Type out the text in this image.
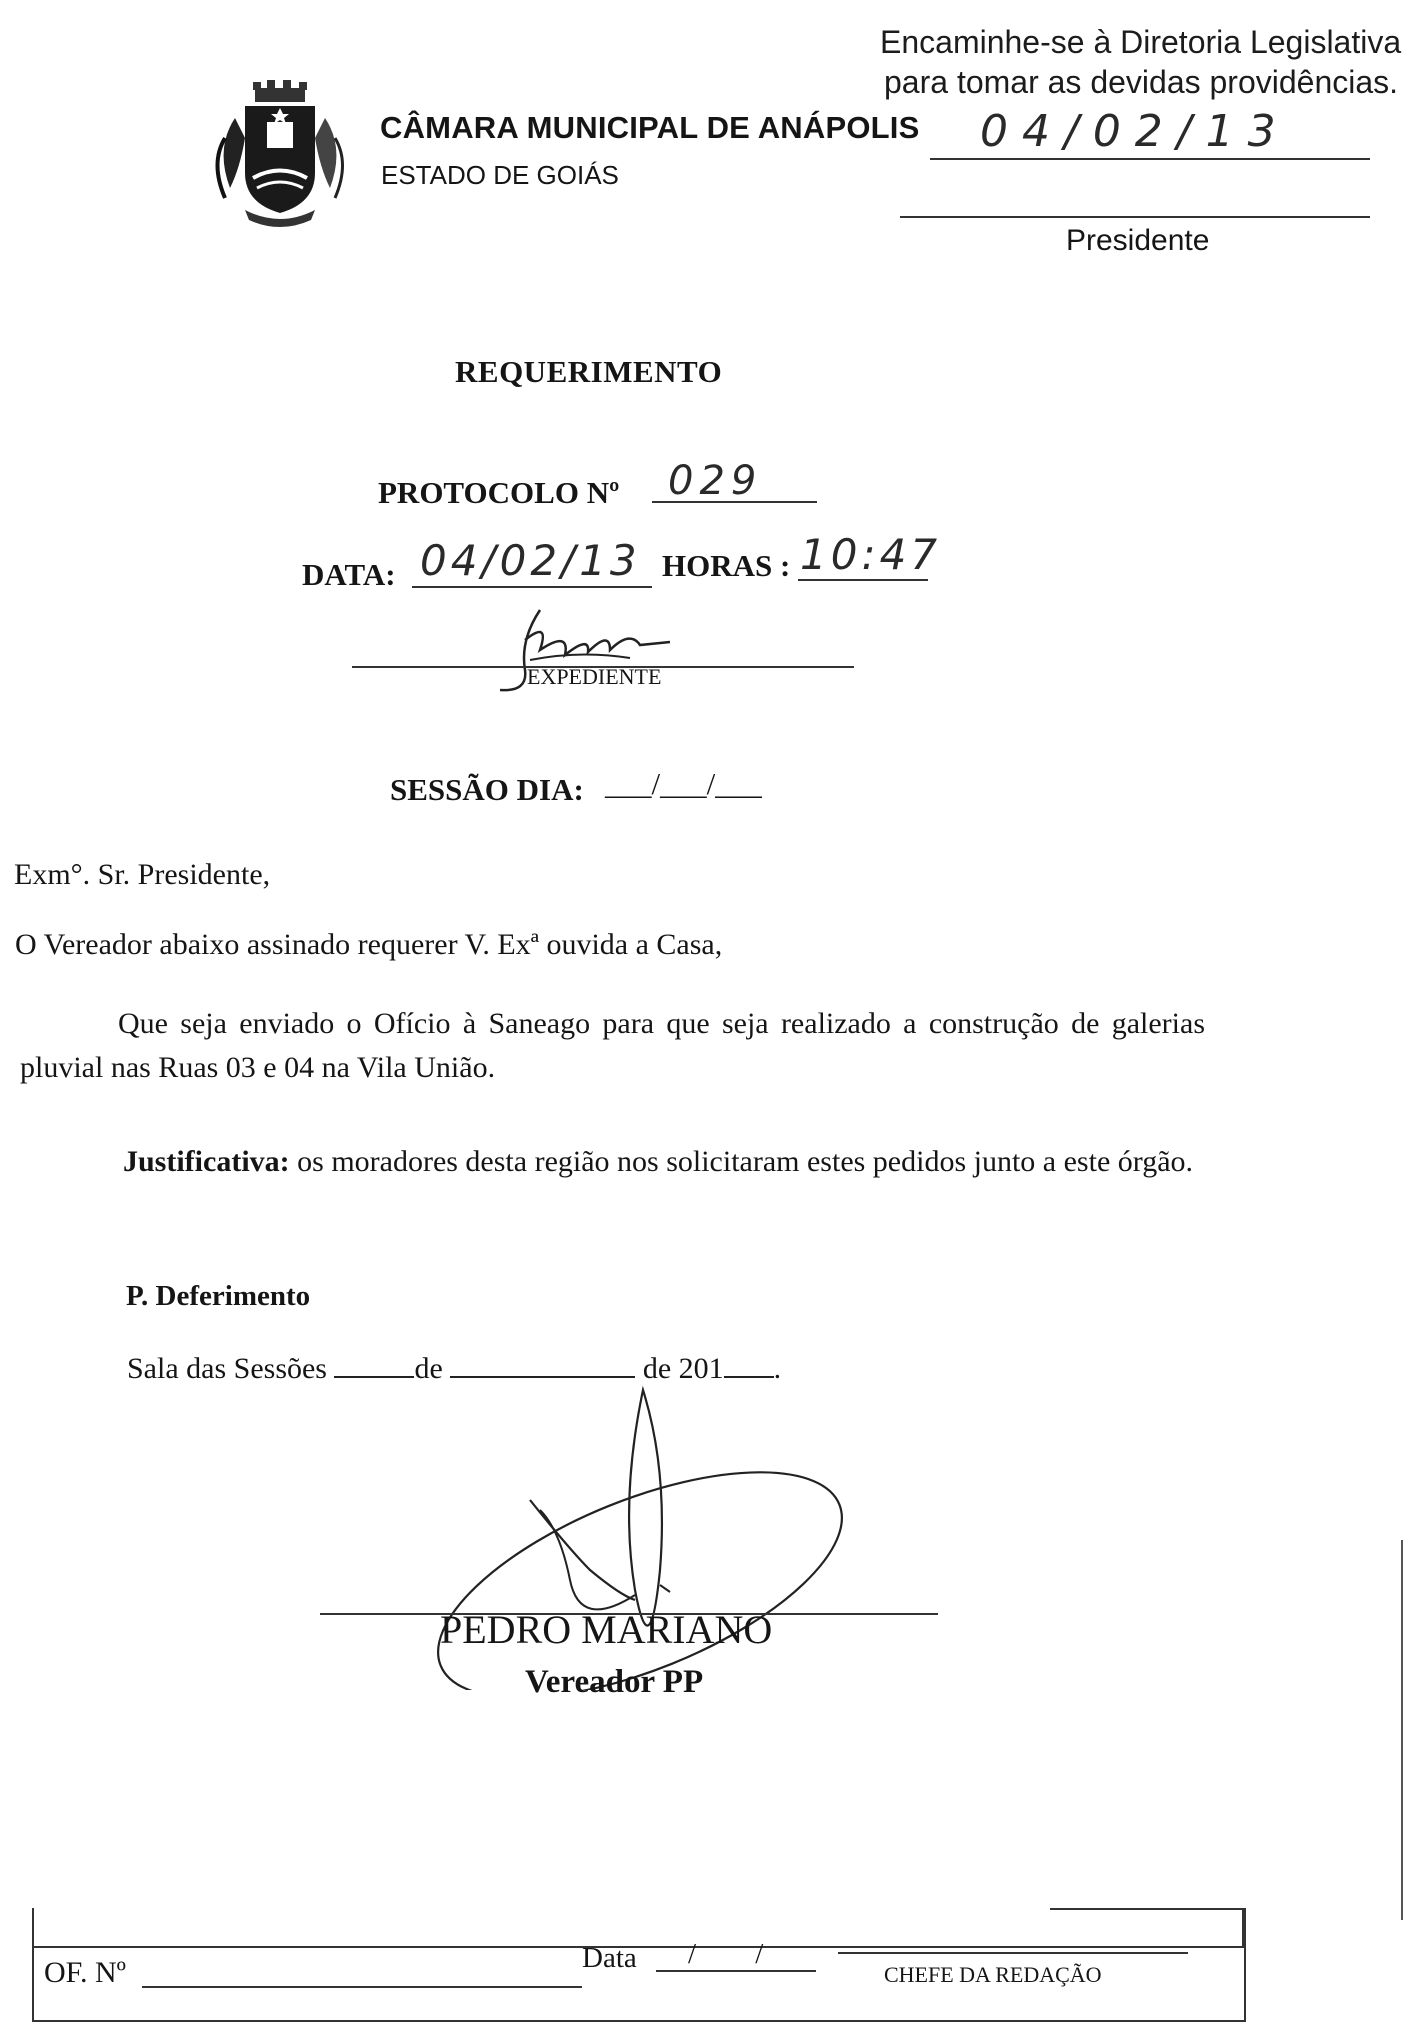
CÂMARA MUNICIPAL DE ANÁPOLIS
ESTADO DE GOIÁS
Encaminhe-se à Diretoria Legislativa
para tomar as devidas providências.
04/02/13
Presidente
REQUERIMENTO
PROTOCOLO Nº 029
DATA: 04/02/13 HORAS : 10:47
EXPEDIENTE
SESSÃO DIA: ___/___/___
Exm°. Sr. Presidente,
O Vereador abaixo assinado requerer V. Exª ouvida a Casa,

Que seja enviado o Ofício à Saneago para que seja realizado a construção de galerias pluvial nas Ruas 03 e 04 na Vila União.

Justificativa: os moradores desta região nos solicitaram estes pedidos junto a este órgão.

P. Deferimento
Sala das Sessões	de	de 201 .
PEDRO MARIANO
Vereador PP
OF. Nº	Data / /
CHEFE DA REDAÇÃO
